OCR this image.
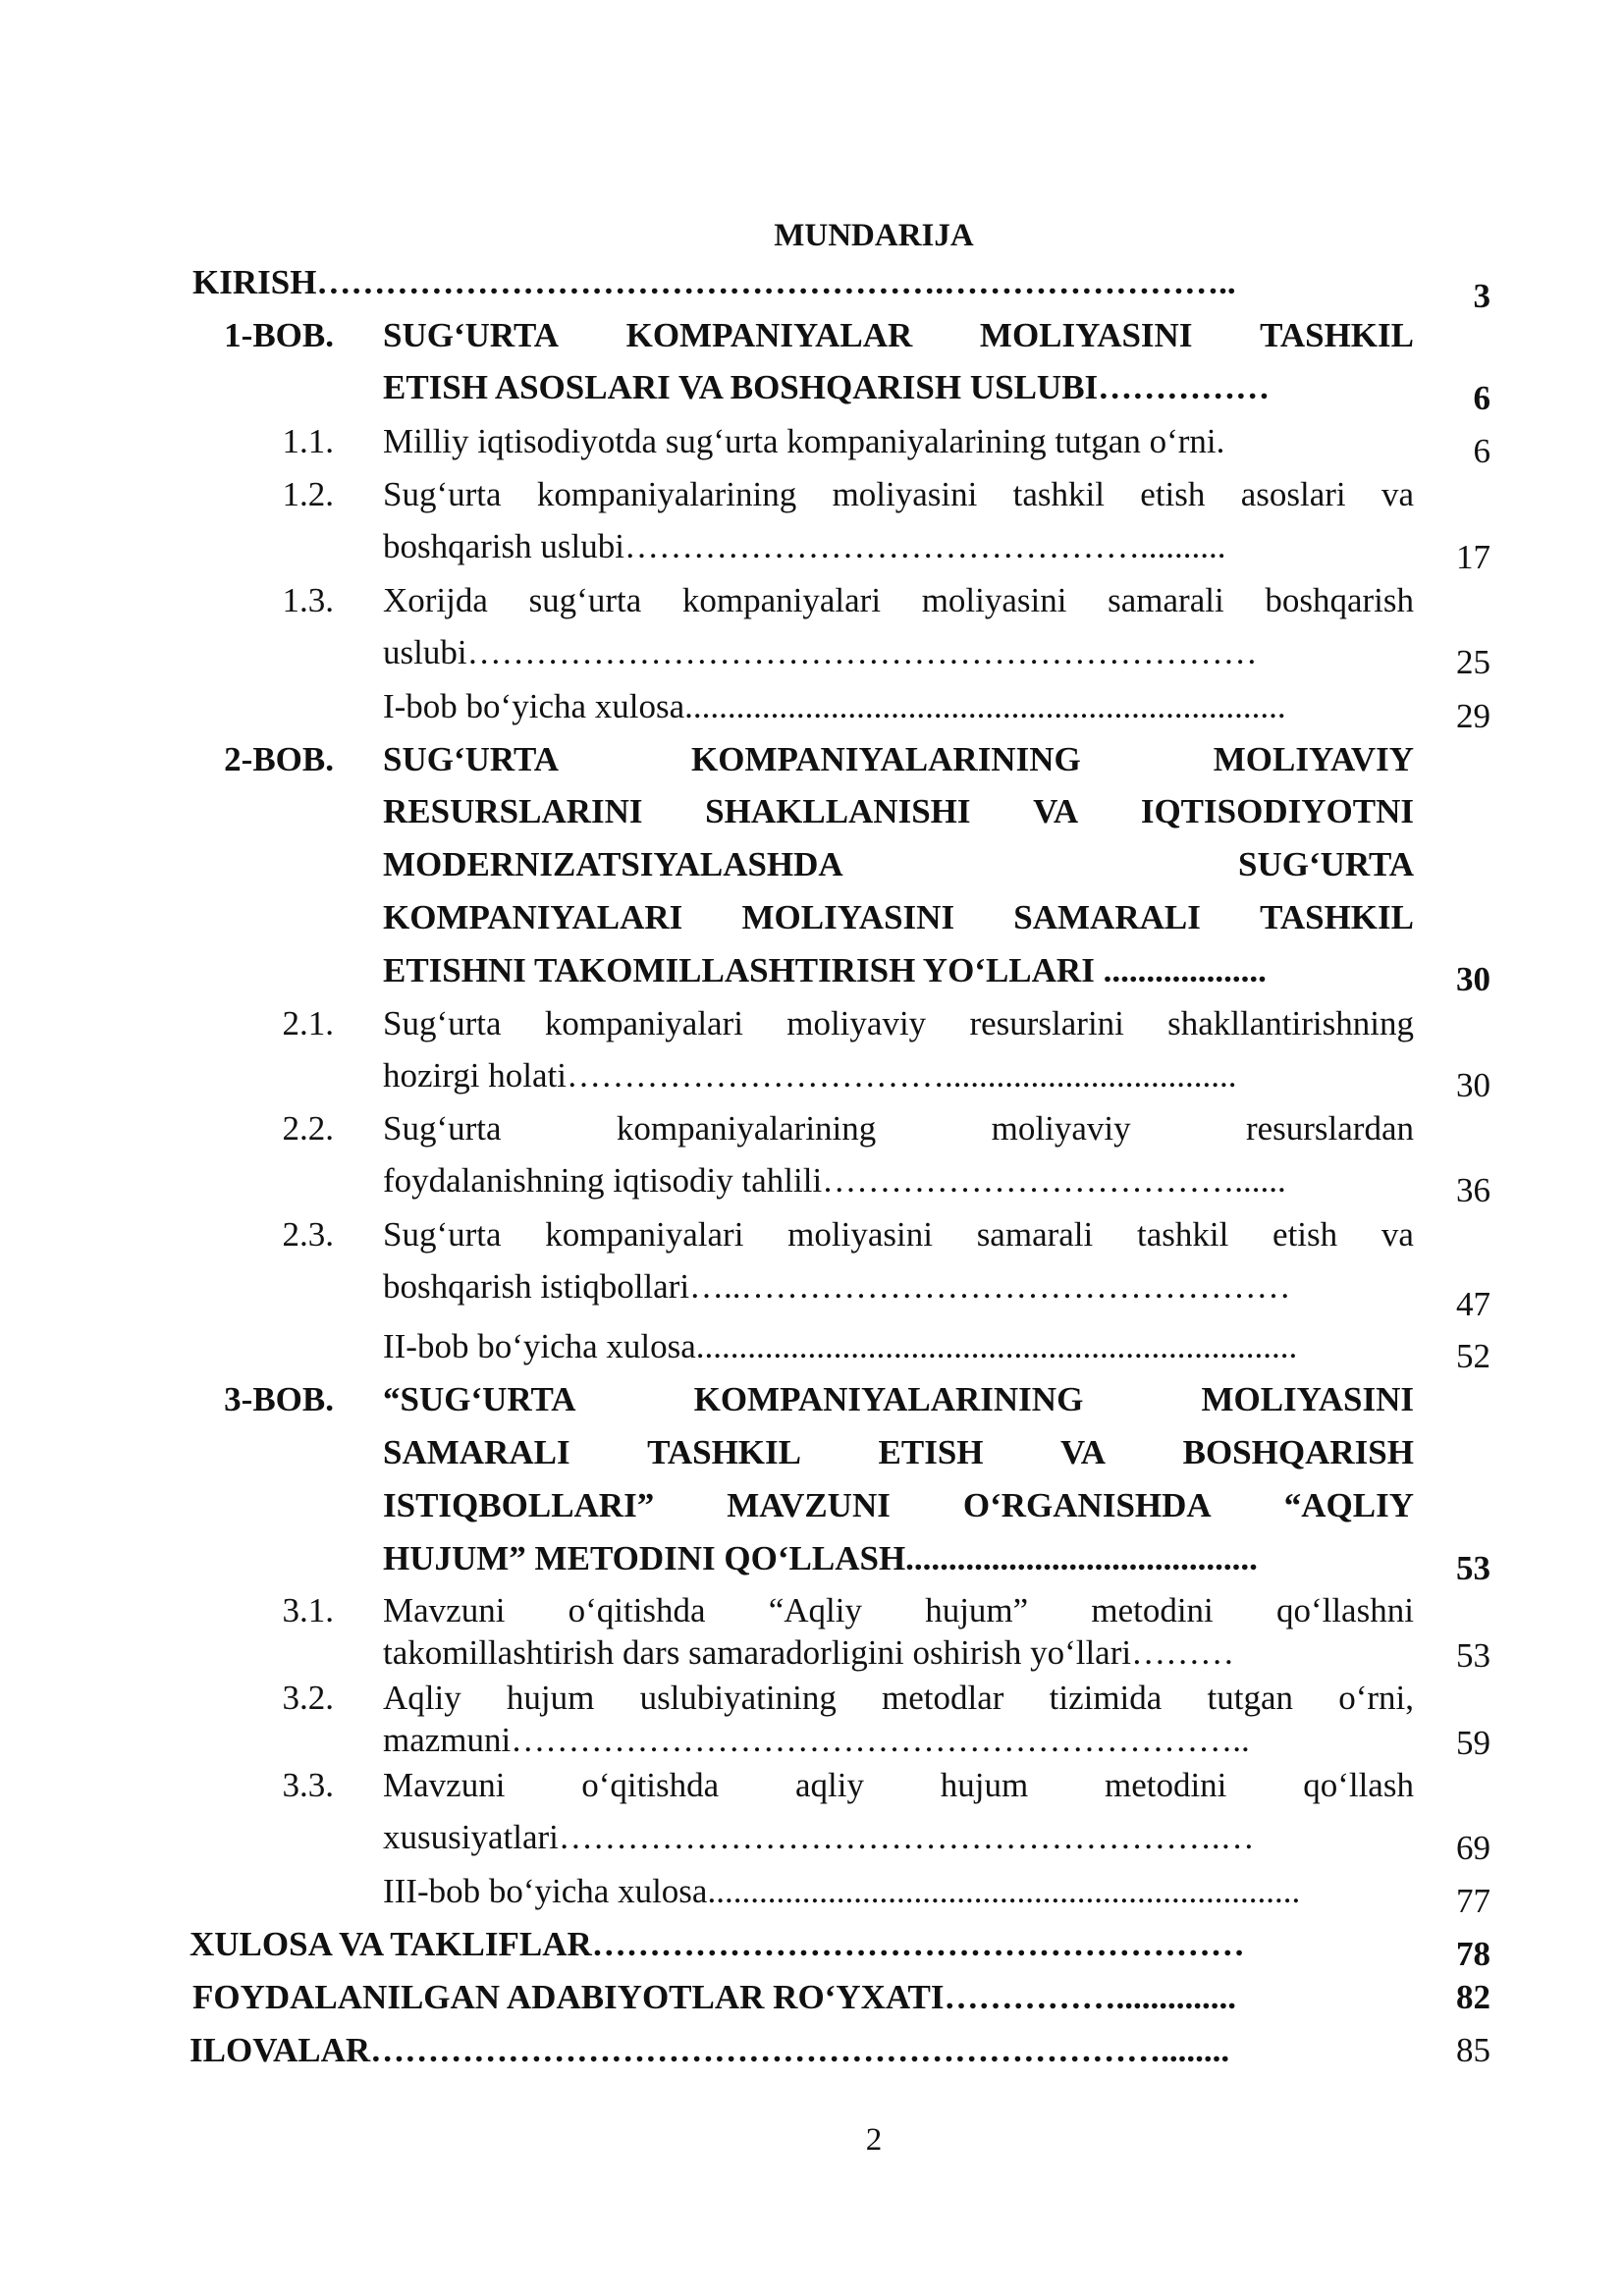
MUNDARIJA
KIRISH……………………………………………….……………………..	3
1-BOB. SUG‘URTA KOMPANIYALAR MOLIYASINI TASHKIL
ETISH ASOSLARI VA BOSHQARISH USLUBI……………	6
1.1. Milliy iqtisodiyotda sug‘urta kompaniyalarining tutgan o‘rni.	6
1.2. Sug‘urta kompaniyalarining moliyasini tashkil etish asoslari va
boshqarish uslubi………………………………………..........	17
1.3. Xorijda sug‘urta kompaniyalari moliyasini samarali boshqarish
uslubi……………………………………………………………	25
I-bob bo‘yicha xulosa......................................................................	29
2-BOB. SUG‘URTA	KOMPANIYALARINING	MOLIYAVIY
RESURSLARINI SHAKLLANISHI VA IQTISODIYOTNI
MODERNIZATSIYALASHDA	SUG‘URTA
KOMPANIYALARI MOLIYASINI SAMARALI TASHKIL
ETISHNI TAKOMILLASHTIRISH YO‘LLARI ...................	30
2.1. Sug‘urta kompaniyalari moliyaviy resurslarini shakllantirishning
hozirgi holati……………………………..................................	30
2.2. Sug‘urta	kompaniyalarining	moliyaviy	resurslardan
foydalanishning iqtisodiy tahlili………………………………......	36
2.3. Sug‘urta kompaniyalari moliyasini samarali tashkil etish va
boshqarish istiqbollari…..…………………………………………	47
II-bob bo‘yicha xulosa......................................................................	52
3-BOB. “SUG‘URTA	KOMPANIYALARINING	MOLIYASINI
SAMARALI TASHKIL ETISH VA BOSHQARISH
ISTIQBOLLARI” MAVZUNI O‘RGANISHDA “AQLIY
HUJUM” METODINI QO‘LLASH.........................................	53
3.1. Mavzuni o‘qitishda “Aqliy hujum” metodini qo‘llashni
takomillashtirish dars samaradorligini oshirish yo‘llari………	53
3.2. Aqliy hujum uslubiyatining metodlar tizimida tutgan o‘rni,
mazmuni………………………………………………………..	59
3.3. Mavzuni o‘qitishda aqliy hujum metodini qo‘llash
xususiyatlari………………………………………………….…	69
III-bob bo‘yicha xulosa.....................................................................	77
XULOSA VA TAKLIFLAR…………………………………………………	78
FOYDALANILGAN ADABIYOTLAR RO‘YXATI……………..............	82
ILOVALAR……………………………………………………………........	85
2
